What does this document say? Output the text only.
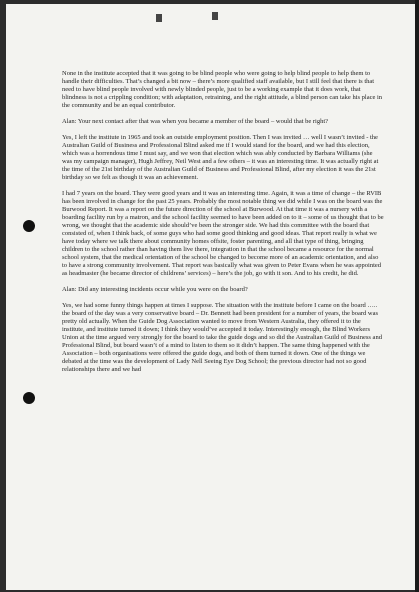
None in the institute accepted that it was going to be blind people who were going to help blind people to help them to handle their difficulties. That’s changed a bit now – there’s more qualified staff available, but I still feel that there is that need to have blind people involved with newly blinded people, just to be a working example that it does work, that blindness is not a crippling condition; with adaptation, retraining, and the right attitude, a blind person can take his place in the community and be an equal contributor.

Alan: Your next contact after that was when you became a member of the board – would that be right?

Yes, I left the institute in 1965 and took an outside employment position. Then I was invited … well I wasn’t invited - the Australian Guild of Business and Professional Blind asked me if I would stand for the board, and we had this election, which was a horrendous time I must say, and we won that election which was ably conducted by Barbara Williams (she was my campaign manager), Hugh Jeffrey, Neil West and a few others – it was an interesting time. It was actually right at the time of the 21st birthday of the Australian Guild of Business and Professional Blind, after my election it was the 21st birthday so we felt as though it was an achievement.

I had 7 years on the board. They were good years and it was an interesting time. Again, it was a time of change – the RVIB has been involved in change for the past 25 years. Probably the most notable thing we did while I was on the board was the Burwood Report. It was a report on the future direction of the school at Burwood. At that time it was a nursery with a boarding facility run by a matron, and the school facility seemed to have been added on to it – some of us thought that to be wrong, we thought that the academic side should’ve been the stronger side. We had this committee with the board that consisted of, when I think back, of some guys who had some good thinking and good ideas. That report really is what we have today where we talk there about community homes offsite, foster parenting, and all that type of thing, bringing children to the school rather than having them live there, integration in that the school became a resource for the normal school system, that the medical orientation of the school be changed to become more of an academic orientation, and also to have a strong community involvement. That report was basically what was given to Peter Evans when he was appointed as headmaster (he became director of childrens’ services) – here’s the job, go with it son. And to his credit, he did.

Alan: Did any interesting incidents occur while you were on the board?

Yes, we had some funny things happen at times I suppose. The situation with the institute before I came on the board ….. the board of the day was a very conservative board – Dr. Bennett had been president for a number of years, the board was pretty old actually. When the Guide Dog Association wanted to move from Western Australia, they offered it to the institute, and institute turned it down; I think they would’ve accepted it today. Interestingly enough, the Blind Workers Union at the time argued very strongly for the board to take the guide dogs and so did the Australian Guild of Business and Professional Blind, but board wasn’t of a mind to listen to them so it didn’t happen. The same thing happened with the Association – both organisations were offered the guide dogs, and both of them turned it down. One of the things we debated at the time was the development of Lady Nell Seeing Eye Dog School; the previous director had not so good relationships there and we had
